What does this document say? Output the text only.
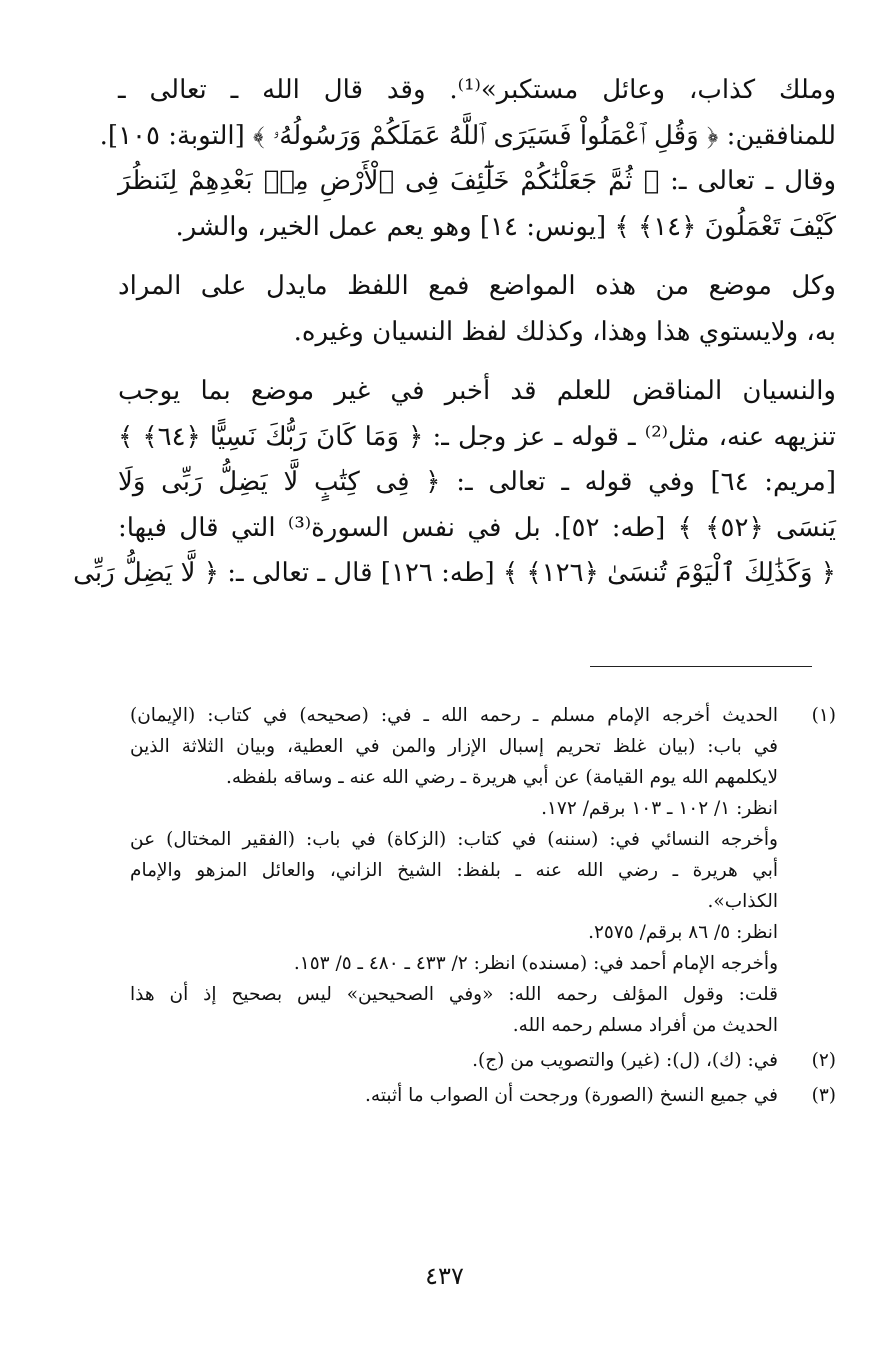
وملك كذاب، وعائل مستكبر»⁽¹⁾. وقد قال الله ـ تعالى ـ
للمنافقين: ﴿ وَقُلِ ٱعْمَلُواْ فَسَيَرَى ٱللَّهُ عَمَلَكُمْ وَرَسُولُهُۥ ﴾ [التوبة: ١٠٥].
وقال ـ تعالى ـ: ﴿ ثُمَّ جَعَلْنَٰكُمْ خَلَٰٓئِفَ فِى ٱلْأَرْضِ مِنۢ بَعْدِهِمْ لِنَنظُرَ
كَيْفَ تَعْمَلُونَ ﴿١٤﴾ ﴾ [يونس: ١٤] وهو يعم عمل الخير، والشر.

وكل موضع من هذه المواضع فمع اللفظ مايدل على المراد
به، ولايستوي هذا وهذا، وكذلك لفظ النسيان وغيره.

والنسيان المناقض للعلم قد أخبر في غير موضع بما يوجب
تنزيهه عنه، مثل⁽²⁾ ـ قوله ـ عز وجل ـ: ﴿ وَمَا كَانَ رَبُّكَ نَسِيًّا ﴿٦٤﴾ ﴾
[مريم: ٦٤] وفي قوله ـ تعالى ـ: ﴿ فِى كِتَٰبٍ لَّا يَضِلُّ رَبِّى وَلَا
يَنسَى ﴿٥٢﴾ ﴾ [طه: ٥٢]. بل في نفس السورة⁽³⁾ التي قال فيها:
﴿ وَكَذَٰلِكَ ٱلْيَوْمَ تُنسَىٰ ﴿١٢٦﴾ ﴾ [طه: ١٢٦] قال ـ تعالى ـ: ﴿ لَّا يَضِلُّ رَبِّى

(١)
الحديث أخرجه الإمام مسلم ـ رحمه الله ـ في: (صحيحه) في كتاب: (الإيمان)
في باب: (بيان غلظ تحريم إسبال الإزار والمن في العطية، وبيان الثلاثة الذين
لايكلمهم الله يوم القيامة) عن أبي هريرة ـ رضي الله عنه ـ وساقه بلفظه.
انظر: ١/ ١٠٢ ـ ١٠٣ برقم/ ١٧٢.
وأخرجه النسائي في: (سننه) في كتاب: (الزكاة) في باب: (الفقير المختال) عن
أبي هريرة ـ رضي الله عنه ـ بلفظ: الشيخ الزاني، والعائل المزهو والإمام
الكذاب».
انظر: ٥/ ٨٦ برقم/ ٢٥٧٥.
وأخرجه الإمام أحمد في: (مسنده) انظر: ٢/ ٤٣٣ ـ ٤٨٠ ـ ٥/ ١٥٣.
قلت: وقول المؤلف رحمه الله: «وفي الصحيحين» ليس بصحيح إذ أن هذا
الحديث من أفراد مسلم رحمه الله.
(٢)
في: (ك)، (ل): (غير) والتصويب من (ج).
(٣)
في جميع النسخ (الصورة) ورجحت أن الصواب ما أثبته.
٤٣٧
